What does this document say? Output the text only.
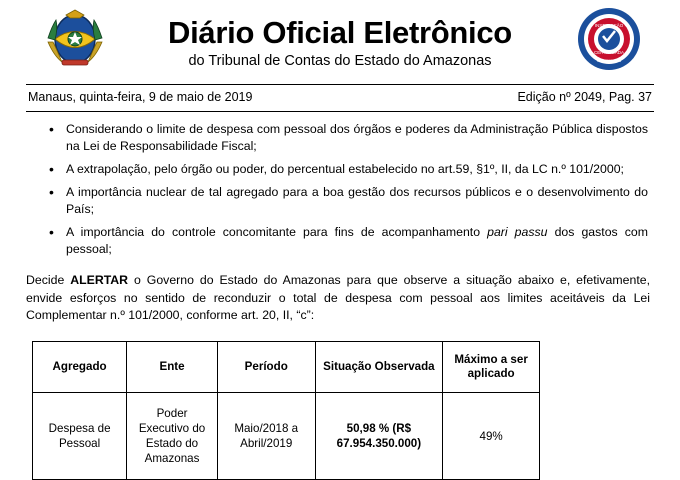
Diário Oficial Eletrônico
do Tribunal de Contas do Estado do Amazonas
INSTITUIÇÃO
CERTIFICADA
ISO 9001:2008
Manaus, quinta-feira, 9 de maio de 2019	Edição nº 2049, Pag. 37
• Considerando o limite de despesa com pessoal dos órgãos e poderes da Administração Pública dispostos na Lei de Responsabilidade Fiscal;
• A extrapolação, pelo órgão ou poder, do percentual estabelecido no art.59, §1º, II, da LC n.º 101/2000;
• A importância nuclear de tal agregado para a boa gestão dos recursos públicos e o desenvolvimento do País;
• A importância do controle concomitante para fins de acompanhamento pari passu dos gastos com pessoal;
Decide ALERTAR o Governo do Estado do Amazonas para que observe a situação abaixo e, efetivamente, envide esforços no sentido de reconduzir o total de despesa com pessoal aos limites aceitáveis da Lei Complementar n.º 101/2000, conforme art. 20, II, “c”:
Agregado	Ente	Período	Situação Observada	Máximo a ser aplicado
Despesa de Pessoal	Poder Executivo do Estado do Amazonas	Maio/2018 a Abril/2019	50,98 % (R$ 67.954.350.000)	49%
